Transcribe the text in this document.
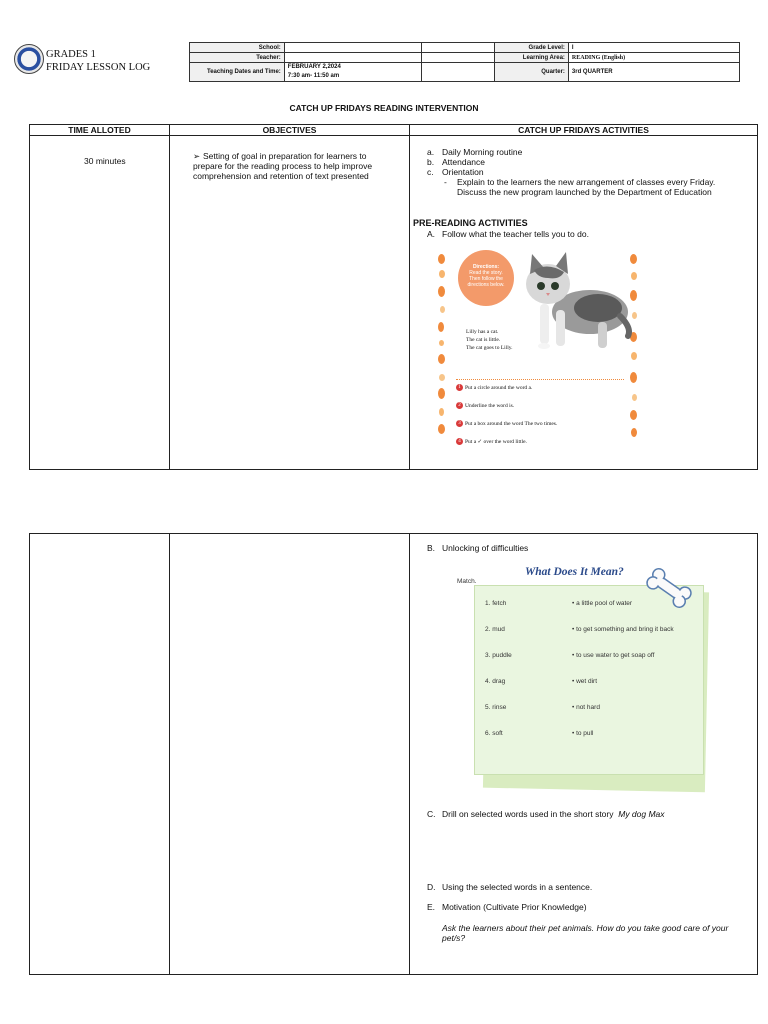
GRADES 1
FRIDAY LESSON LOG
	School:			Grade Level:	I
	Teacher:			Learning Area:	READING (English)
	Teaching Dates and Time:	FEBRUARY 2,2024
7:30 am- 11:50 am		Quarter:	3rd QUARTER
CATCH UP FRIDAYS READING INTERVENTION
TIME ALLOTED	OBJECTIVES	CATCH UP FRIDAYS ACTIVITIES
30 minutes	➢ Setting of goal in preparation for learners to prepare for the reading process to help improve comprehension and retention of text presented
a. Daily Morning routine
b. Attendance
c. Orientation
- Explain to the learners the new arrangement of classes every Friday. Discuss the new program launched by the Department of Education
PRE-READING ACTIVITIES
A. Follow what the teacher tells you to do.
Directions:
Read the story. Then follow the directions below.
Lilly has a cat.
The cat is little.
The cat goes to Lilly.
1 Put a circle around the word a.
2 Underline the word is.
3 Put a box around the word The two times.
4 Put a ✓ over the word little.
B. Unlocking of difficulties
What Does It Mean?
Match.
1. fetch	• a little pool of water
2. mud	• to get something and bring it back
3. puddle	• to use water to get soap off
4. drag	• wet dirt
5. rinse	• not hard
6. soft	• to pull
C. Drill on selected words used in the short story My dog Max
D. Using the selected words in a sentence.
E. Motivation (Cultivate Prior Knowledge)
Ask the learners about their pet animals. How do you take good care of your pet/s?
